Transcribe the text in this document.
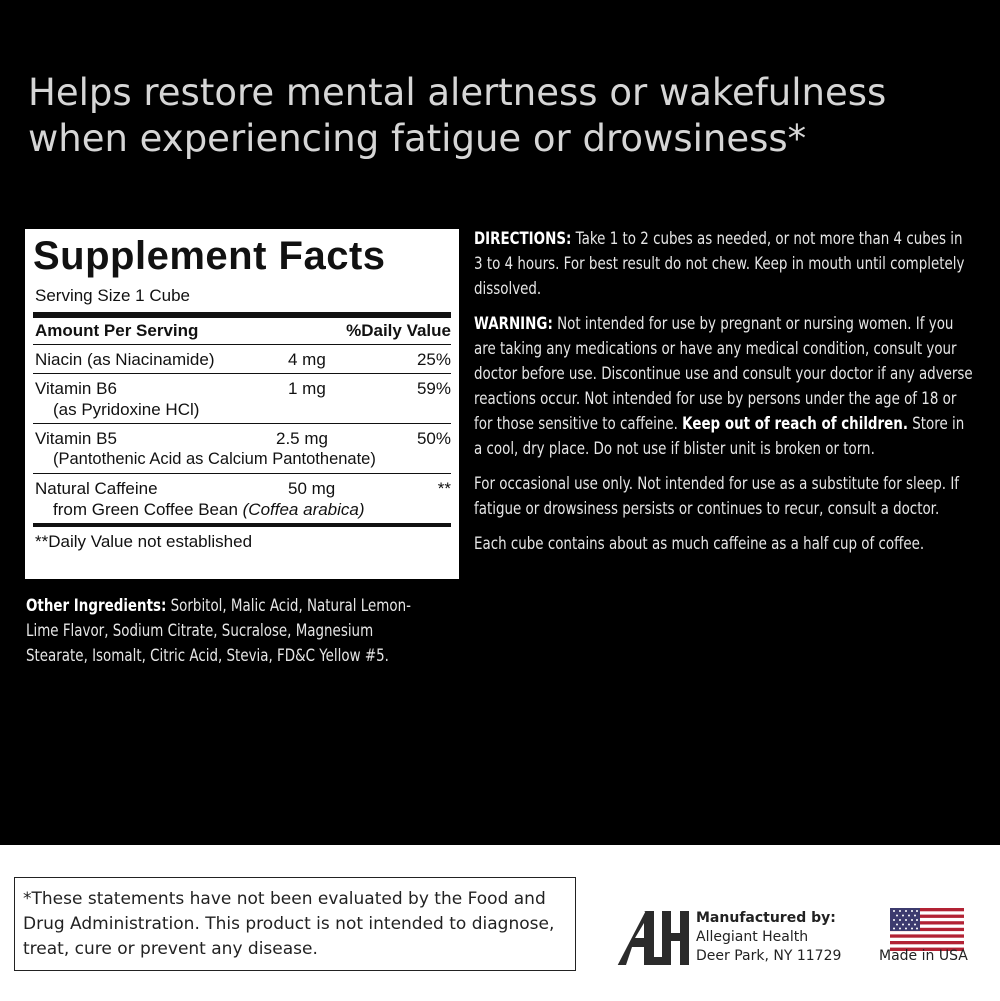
Helps restore mental alertness or wakefulness
when experiencing fatigue or drowsiness*
Supplement Facts
Serving Size 1 Cube
Amount Per Serving	%Daily Value
Niacin (as Niacinamide)	4 mg	25%
Vitamin B6
(as Pyridoxine HCl)
1 mg	59%
Vitamin B5
(Pantothenic Acid as Calcium Pantothenate)
2.5 mg	50%
Natural Caffeine
from Green Coffee Bean (Coffea arabica)
50 mg	**
**Daily Value not established
Other Ingredients: Sorbitol, Malic Acid, Natural Lemon-Lime Flavor, Sodium Citrate, Sucralose, Magnesium Stearate, Isomalt, Citric Acid, Stevia, FD&C Yellow #5.

DIRECTIONS: Take 1 to 2 cubes as needed, or not more than 4 cubes in 3 to 4 hours. For best result do not chew. Keep in mouth until completely dissolved.

WARNING: Not intended for use by pregnant or nursing women. If you are taking any medications or have any medical condition, consult your doctor before use. Discontinue use and consult your doctor if any adverse reactions occur. Not intended for use by persons under the age of 18 or for those sensitive to caffeine. Keep out of reach of children. Store in a cool, dry place. Do not use if blister unit is broken or torn.

For occasional use only. Not intended for use as a substitute for sleep. If fatigue or drowsiness persists or continues to recur, consult a doctor.

Each cube contains about as much caffeine as a half cup of coffee.

*These statements have not been evaluated by the Food and Drug Administration. This product is not intended to diagnose, treat, cure or prevent any disease.
Manufactured by:
Allegiant Health
Deer Park, NY 11729	Made in USA
